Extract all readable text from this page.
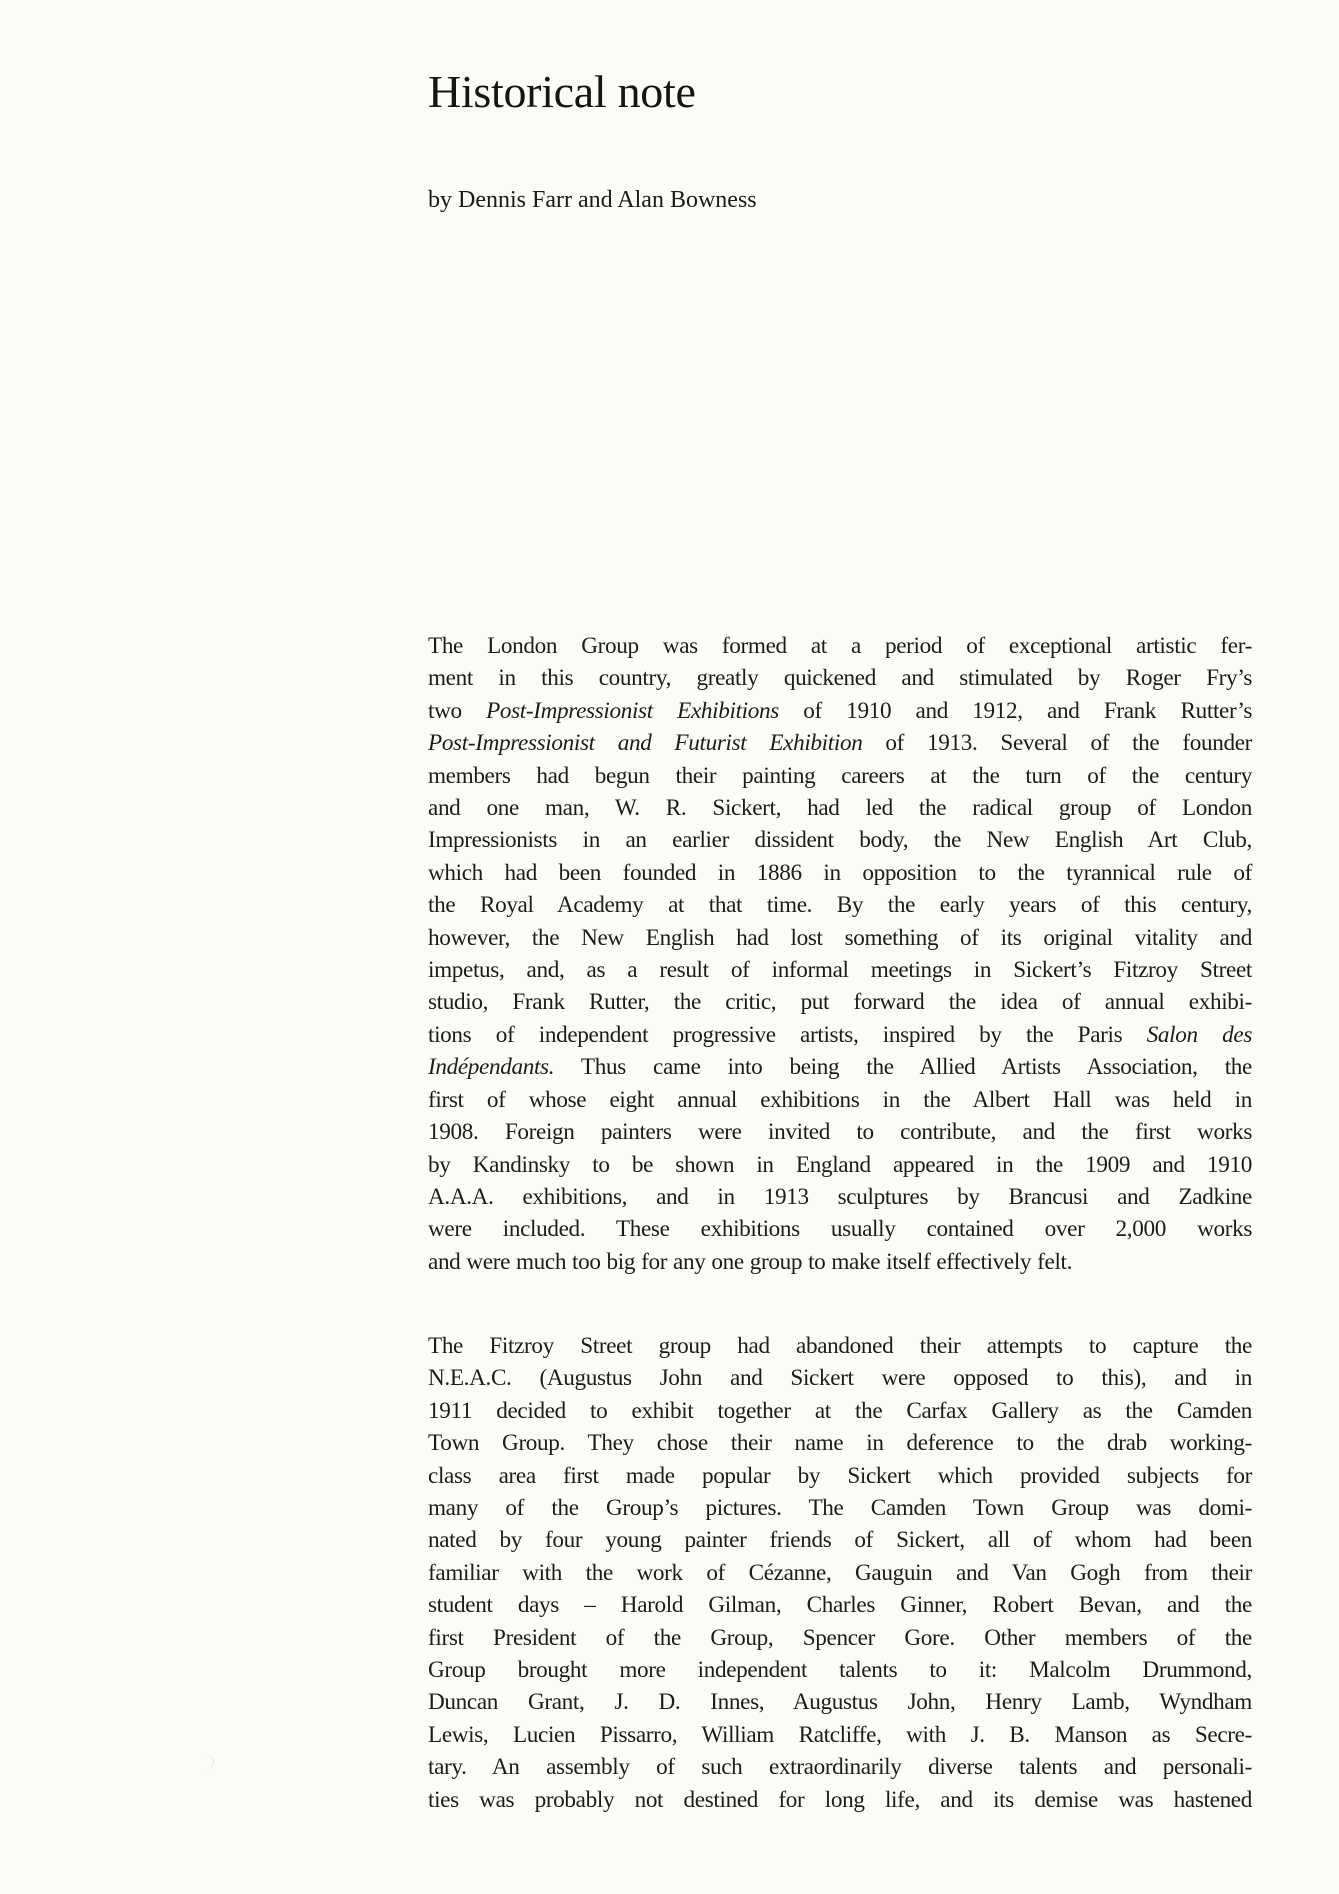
Historical note

by Dennis Farr and Alan Bowness

The London Group was formed at a period of exceptional artistic fer-
ment in this country, greatly quickened and stimulated by Roger Fry’s
two Post-Impressionist Exhibitions of 1910 and 1912, and Frank Rutter’s
Post-Impressionist and Futurist Exhibition of 1913. Several of the founder
members had begun their painting careers at the turn of the century
and one man, W. R. Sickert, had led the radical group of London
Impressionists in an earlier dissident body, the New English Art Club,
which had been founded in 1886 in opposition to the tyrannical rule of
the Royal Academy at that time. By the early years of this century,
however, the New English had lost something of its original vitality and
impetus, and, as a result of informal meetings in Sickert’s Fitzroy Street
studio, Frank Rutter, the critic, put forward the idea of annual exhibi-
tions of independent progressive artists, inspired by the Paris Salon des
Indépendants. Thus came into being the Allied Artists Association, the
first of whose eight annual exhibitions in the Albert Hall was held in
1908. Foreign painters were invited to contribute, and the first works
by Kandinsky to be shown in England appeared in the 1909 and 1910
A.A.A. exhibitions, and in 1913 sculptures by Brancusi and Zadkine
were included. These exhibitions usually contained over 2,000 works
and were much too big for any one group to make itself effectively felt.
The Fitzroy Street group had abandoned their attempts to capture the
N.E.A.C. (Augustus John and Sickert were opposed to this), and in
1911 decided to exhibit together at the Carfax Gallery as the Camden
Town Group. They chose their name in deference to the drab working-
class area first made popular by Sickert which provided subjects for
many of the Group’s pictures. The Camden Town Group was domi-
nated by four young painter friends of Sickert, all of whom had been
familiar with the work of Cézanne, Gauguin and Van Gogh from their
student days – Harold Gilman, Charles Ginner, Robert Bevan, and the
first President of the Group, Spencer Gore. Other members of the
Group brought more independent talents to it: Malcolm Drummond,
Duncan Grant, J. D. Innes, Augustus John, Henry Lamb, Wyndham
Lewis, Lucien Pissarro, William Ratcliffe, with J. B. Manson as Secre-
tary. An assembly of such extraordinarily diverse talents and personali-
ties was probably not destined for long life, and its demise was hastened
